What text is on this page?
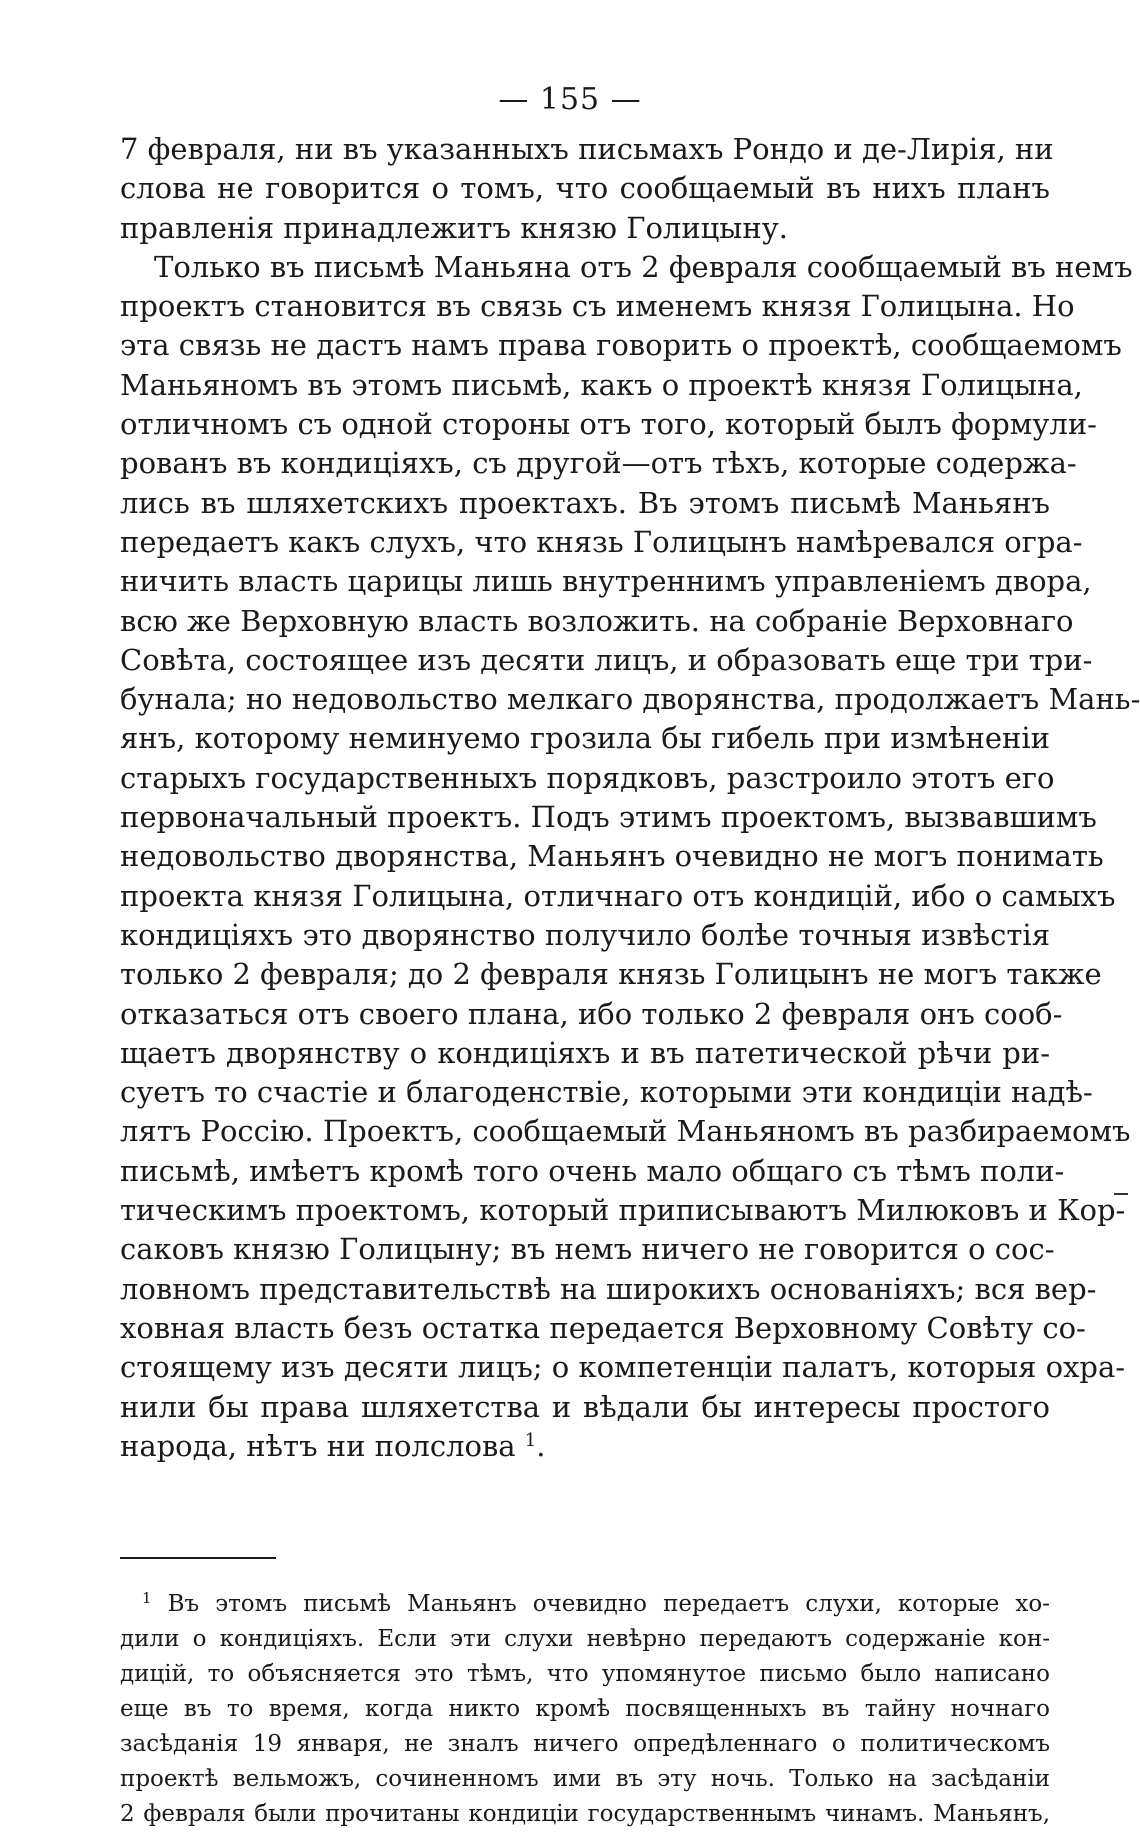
— 155 —
7 февраля, ни въ указанныхъ письмахъ Рондо и де-Лирія, ни
слова не говорится о томъ, что сообщаемый въ нихъ планъ
правленія принадлежитъ князю Голицыну.
Только въ письмѣ Маньяна отъ 2 февраля сообщаемый въ немъ
проектъ становится въ связь съ именемъ князя Голицына. Но
эта связь не дастъ намъ права говорить о проектѣ, сообщаемомъ
Маньяномъ въ этомъ письмѣ, какъ о проектѣ князя Голицына,
отличномъ съ одной стороны отъ того, который былъ формули-
рованъ въ кондиціяхъ, съ другой—отъ тѣхъ, которые содержа-
лись въ шляхетскихъ проектахъ. Въ этомъ письмѣ Маньянъ
передаетъ какъ слухъ, что князь Голицынъ намѣревался огра-
ничить власть царицы лишь внутреннимъ управленіемъ двора,
всю же Верховную власть возложить. на собраніе Верховнаго
Совѣта, состоящее изъ десяти лицъ, и образовать еще три три-
бунала; но недовольство мелкаго дворянства, продолжаетъ Мань-
янъ, которому неминуемо грозила бы гибель при измѣненіи
старыхъ государственныхъ порядковъ, разстроило этотъ его
первоначальный проектъ. Подъ этимъ проектомъ, вызвавшимъ
недовольство дворянства, Маньянъ очевидно не могъ понимать
проекта князя Голицына, отличнаго отъ кондицій, ибо о самыхъ
кондиціяхъ это дворянство получило болѣе точныя извѣстія
только 2 февраля; до 2 февраля князь Голицынъ не могъ также
отказаться отъ своего плана, ибо только 2 февраля онъ сооб-
щаетъ дворянству о кондиціяхъ и въ патетической рѣчи ри-
суетъ то счастіе и благоденствіе, которыми эти кондиціи надѣ-
лятъ Россію. Проектъ, сообщаемый Маньяномъ въ разбираемомъ
письмѣ, имѣетъ кромѣ того очень мало общаго съ тѣмъ поли-
тическимъ проектомъ, который приписываютъ Милюковъ и Кор-
саковъ князю Голицыну; въ немъ ничего не говорится о сос-
ловномъ представительствѣ на широкихъ основаніяхъ; вся вер-
ховная власть безъ остатка передается Верховному Совѣту со-
стоящему изъ десяти лицъ; о компетенціи палатъ, которыя охра-
нили бы права шляхетства и вѣдали бы интересы простого
народа, нѣтъ ни полслова $^1$.
$^1$ Въ этомъ письмѣ Маньянъ очевидно передаетъ слухи, которые хо-
дили о кондиціяхъ. Если эти слухи невѣрно передаютъ содержаніе кон-
дицій, то объясняется это тѣмъ, что упомянутое письмо было написано
еще въ то время, когда никто кромѣ посвященныхъ въ тайну ночнаго
засѣданія 19 января, не зналъ ничего опредѣленнаго о политическомъ
проектѣ вельможъ, сочиненномъ ими въ эту ночь. Только на засѣданіи
2 февраля были прочитаны кондиціи государственнымъ чинамъ. Маньянъ,
